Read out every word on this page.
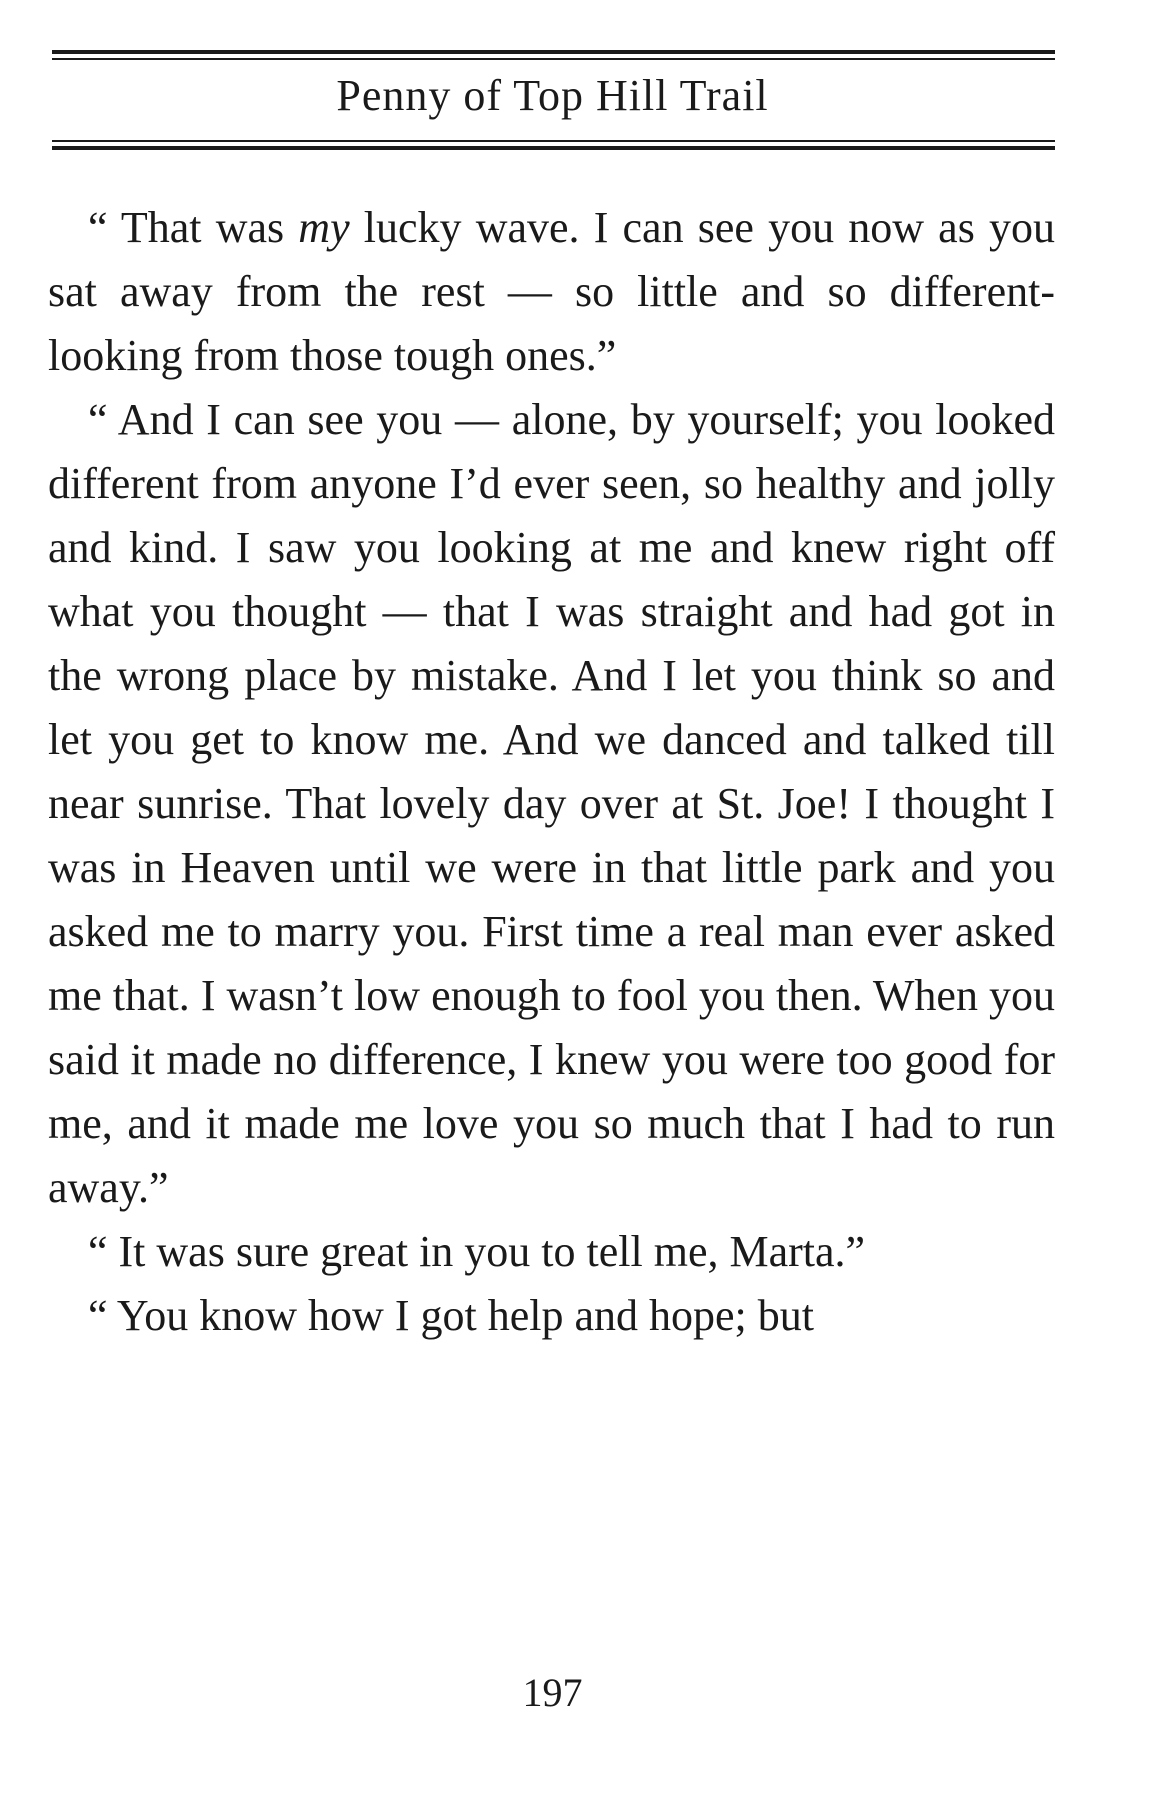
Penny of Top Hill Trail

“ That was my lucky wave. I can see you now as you sat away from the rest — so little and so different-looking from those tough ones.”

“ And I can see you — alone, by yourself; you looked different from anyone I’d ever seen, so healthy and jolly and kind. I saw you looking at me and knew right off what you thought — that I was straight and had got in the wrong place by mistake. And I let you think so and let you get to know me. And we danced and talked till near sunrise. That lovely day over at St. Joe! I thought I was in Heaven until we were in that little park and you asked me to marry you. First time a real man ever asked me that. I wasn’t low enough to fool you then. When you said it made no difference, I knew you were too good for me, and it made me love you so much that I had to run away.”

“ It was sure great in you to tell me, Marta.”

“ You know how I got help and hope; but

197
